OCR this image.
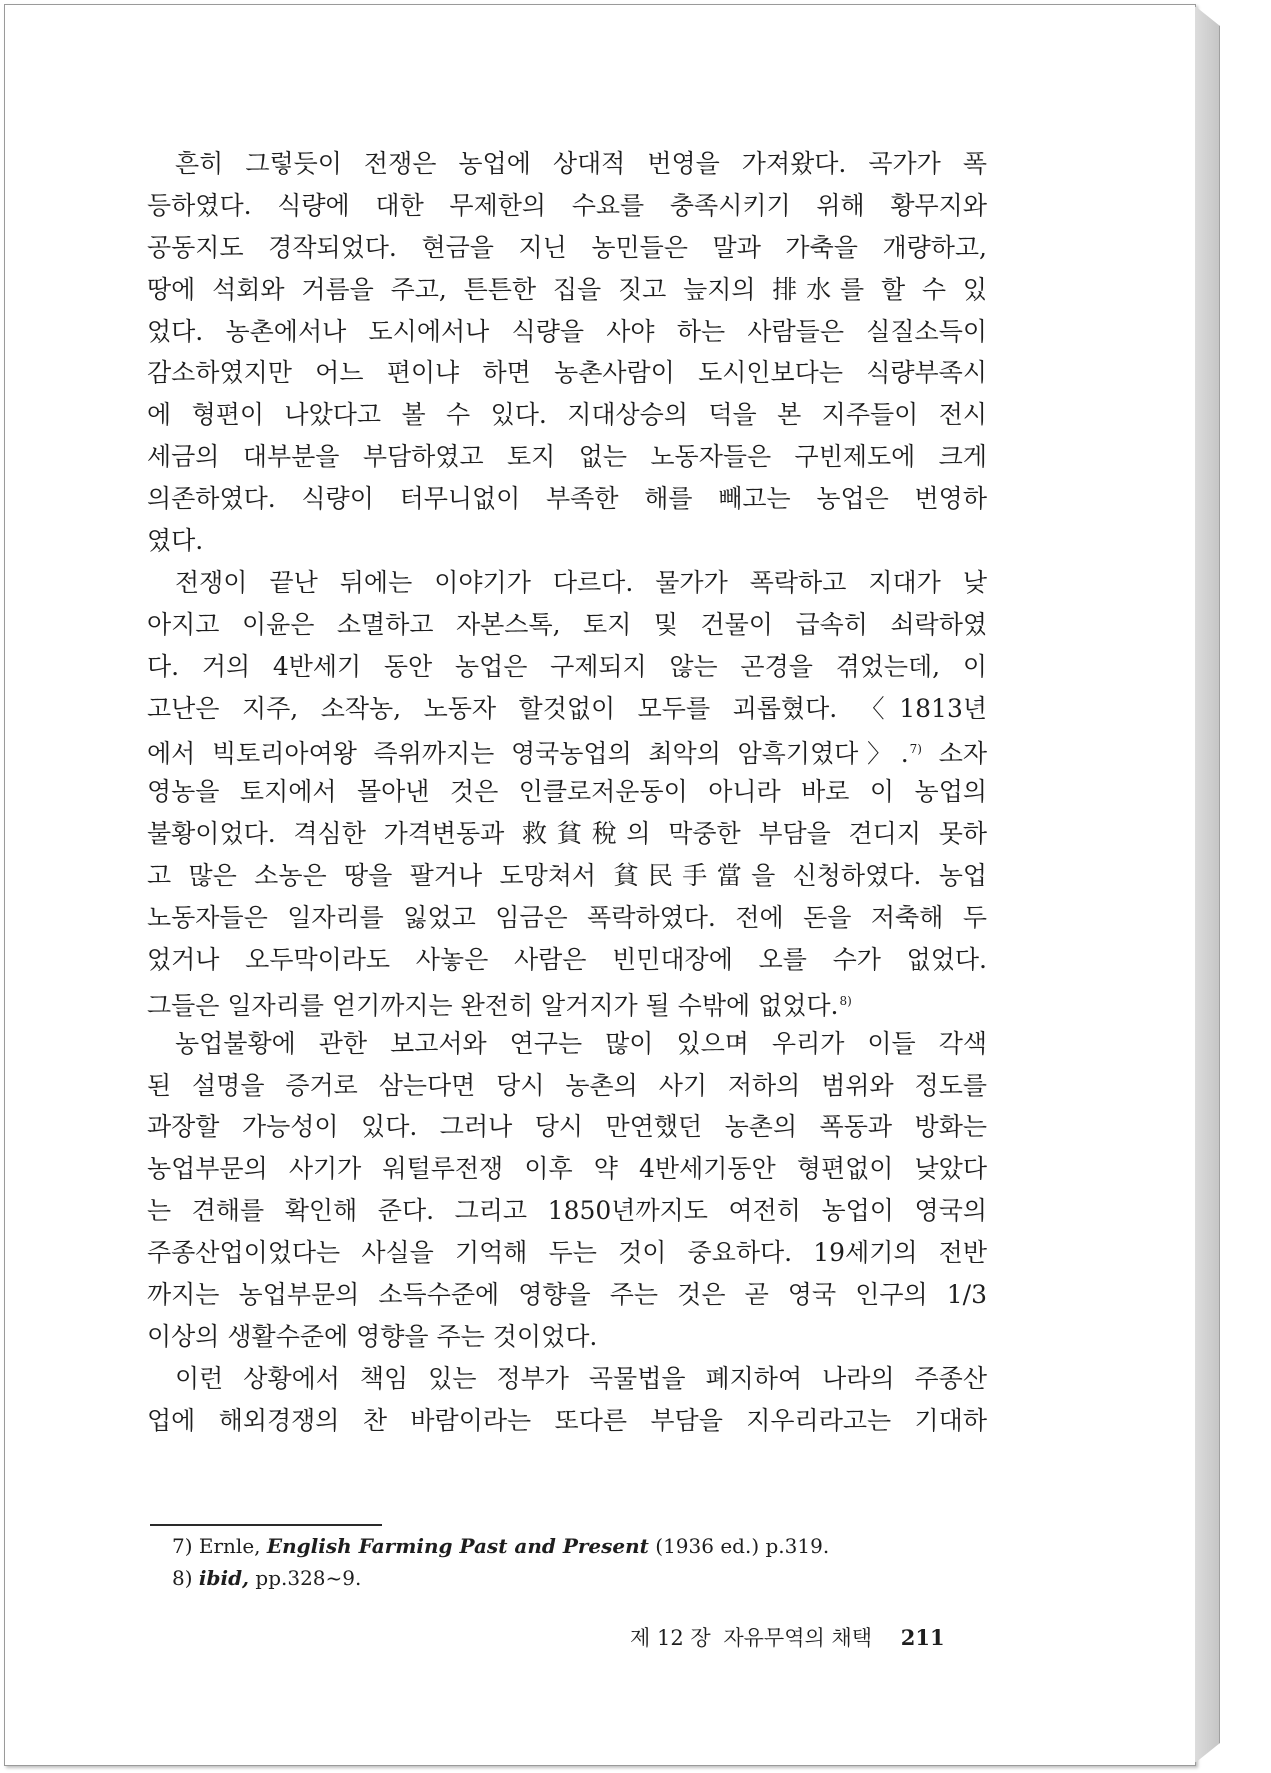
흔히 그렇듯이 전쟁은 농업에 상대적 번영을 가져왔다. 곡가가 폭
등하였다. 식량에 대한 무제한의 수요를 충족시키기 위해 황무지와
공동지도 경작되었다. 현금을 지닌 농민들은 말과 가축을 개량하고,
땅에 석회와 거름을 주고, 튼튼한 집을 짓고 늪지의 排水를 할 수 있
었다. 농촌에서나 도시에서나 식량을 사야 하는 사람들은 실질소득이
감소하였지만 어느 편이냐 하면 농촌사람이 도시인보다는 식량부족시
에 형편이 나았다고 볼 수 있다. 지대상승의 덕을 본 지주들이 전시
세금의 대부분을 부담하였고 토지 없는 노동자들은 구빈제도에 크게
의존하였다. 식량이 터무니없이 부족한 해를 빼고는 농업은 번영하
였다.
전쟁이 끝난 뒤에는 이야기가 다르다. 물가가 폭락하고 지대가 낮
아지고 이윤은 소멸하고 자본스톡, 토지 및 건물이 급속히 쇠락하였
다. 거의 4반세기 동안 농업은 구제되지 않는 곤경을 겪었는데, 이
고난은 지주, 소작농, 노동자 할것없이 모두를 괴롭혔다. 〈1813년
에서 빅토리아여왕 즉위까지는 영국농업의 최악의 암흑기였다〉.$^{7)}$ 소자
영농을 토지에서 몰아낸 것은 인클로저운동이 아니라 바로 이 농업의
불황이었다. 격심한 가격변동과 救貧稅의 막중한 부담을 견디지 못하
고 많은 소농은 땅을 팔거나 도망쳐서 貧民手當을 신청하였다. 농업
노동자들은 일자리를 잃었고 임금은 폭락하였다. 전에 돈을 저축해 두
었거나 오두막이라도 사놓은 사람은 빈민대장에 오를 수가 없었다.
그들은 일자리를 얻기까지는 완전히 알거지가 될 수밖에 없었다.$^{8)}$
농업불황에 관한 보고서와 연구는 많이 있으며 우리가 이들 각색
된 설명을 증거로 삼는다면 당시 농촌의 사기 저하의 범위와 정도를
과장할 가능성이 있다. 그러나 당시 만연했던 농촌의 폭동과 방화는
농업부문의 사기가 워털루전쟁 이후 약 4반세기동안 형편없이 낮았다
는 견해를 확인해 준다. 그리고 1850년까지도 여전히 농업이 영국의
주종산업이었다는 사실을 기억해 두는 것이 중요하다. 19세기의 전반
까지는 농업부문의 소득수준에 영향을 주는 것은 곧 영국 인구의 1/3
이상의 생활수준에 영향을 주는 것이었다.
이런 상황에서 책임 있는 정부가 곡물법을 폐지하여 나라의 주종산
업에 해외경쟁의 찬 바람이라는 또다른 부담을 지우리라고는 기대하
7) Ernle, English Farming Past and Present (1936 ed.) p.319.
8) ibid, pp.328~9.
제 12 장 자유무역의 채택 211
